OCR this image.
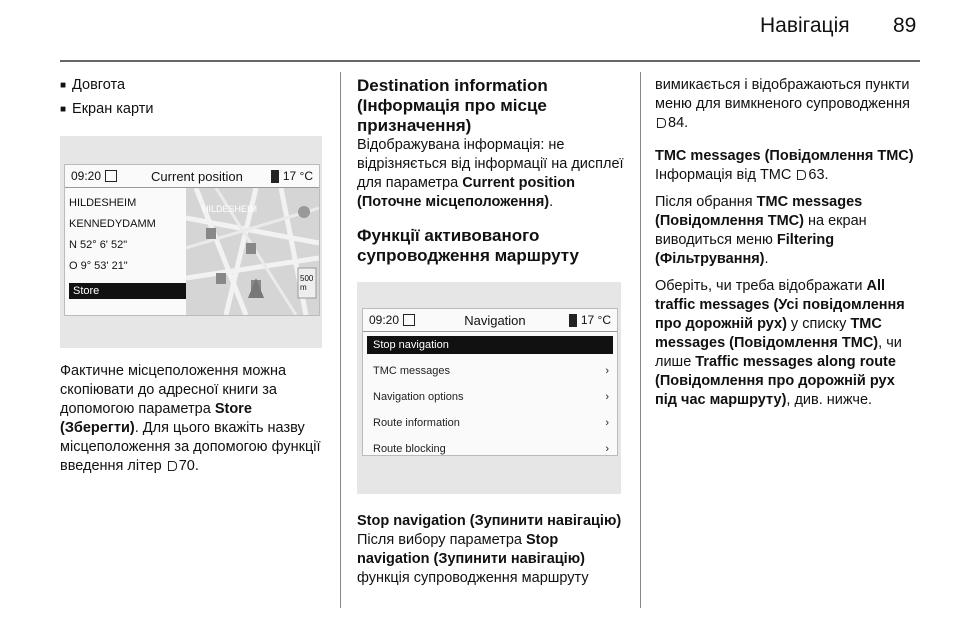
Навігація 89
■ Довгота
■ Екран карти
09:20	Current position	17 °C
HILDESHEIM
KENNEDYDAMM
N 52° 6' 52"
O 9° 53' 21"
Store
HILDESHEIM
500 m

Фактичне місцеположення можна скопіювати до адресної книги за допомогою параметра Store (Зберегти). Для цього вкажіть назву місцеположення за допомогою функції введення літер 70.

Destination information (Інформація про місце призначення)

Відображувана інформація: не відрізняється від інформації на дисплеї для параметра Current position (Поточне місцеположення).

Функції активованого супроводження маршруту
09:20	Navigation	17 °C
Stop navigation
TMC messages	›
Navigation options	›
Route information	›
Route blocking	›
Stop navigation (Зупинити навігацію)

Після вибору параметра Stop navigation (Зупинити навігацію) функція супроводження маршруту

вимикається і відображаються пункти меню для вимкненого супроводження 84.

TMC messages (Повідомлення TMC)

Інформація від TMC 63.

Після обрання TMC messages (Повідомлення TMC) на екран виводиться меню Filtering (Фільтрування).

Оберіть, чи треба відображати All traffic messages (Усі повідомлення про дорожній рух) у списку TMC messages (Повідомлення TMC), чи лише Traffic messages along route (Повідомлення про дорожній рух під час маршруту), див. нижче.
